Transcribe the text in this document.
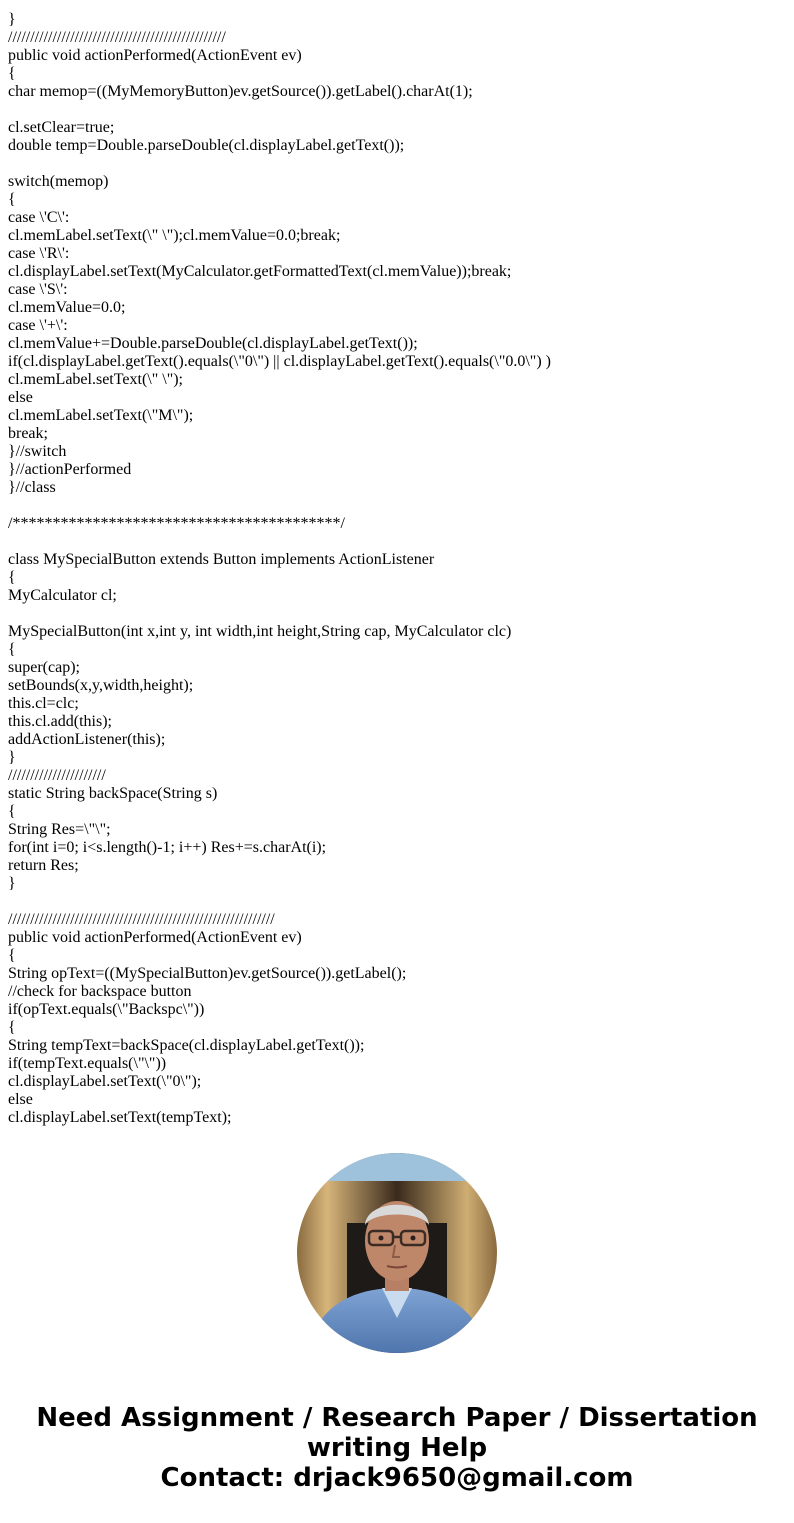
}
/////////////////////////////////////////////////
public void actionPerformed(ActionEvent ev)
{
char memop=((MyMemoryButton)ev.getSource()).getLabel().charAt(1);
cl.setClear=true;
double temp=Double.parseDouble(cl.displayLabel.getText());
switch(memop)
{
case \'C\':
cl.memLabel.setText(\" \");cl.memValue=0.0;break;
case \'R\':
cl.displayLabel.setText(MyCalculator.getFormattedText(cl.memValue));break;
case \'S\':
cl.memValue=0.0;
case \'+\':
cl.memValue+=Double.parseDouble(cl.displayLabel.getText());
if(cl.displayLabel.getText().equals(\"0\") || cl.displayLabel.getText().equals(\"0.0\") )
cl.memLabel.setText(\" \");
else
cl.memLabel.setText(\"M\");
break;
}//switch
}//actionPerformed
}//class
/*****************************************/
class MySpecialButton extends Button implements ActionListener
{
MyCalculator cl;
MySpecialButton(int x,int y, int width,int height,String cap, MyCalculator clc)
{
super(cap);
setBounds(x,y,width,height);
this.cl=clc;
this.cl.add(this);
addActionListener(this);
}
//////////////////////
static String backSpace(String s)
{
String Res=\"\";
for(int i=0; i<s.length()-1; i++) Res+=s.charAt(i);
return Res;
}
////////////////////////////////////////////////////////////
public void actionPerformed(ActionEvent ev)
{
String opText=((MySpecialButton)ev.getSource()).getLabel();
//check for backspace button
if(opText.equals(\"Backspc\"))
{
String tempText=backSpace(cl.displayLabel.getText());
if(tempText.equals(\"\"))
cl.displayLabel.setText(\"0\");
else
cl.displayLabel.setText(tempText);
Need Assignment / Research Paper / Dissertation
writing Help
Contact: drjack9650@gmail.com
